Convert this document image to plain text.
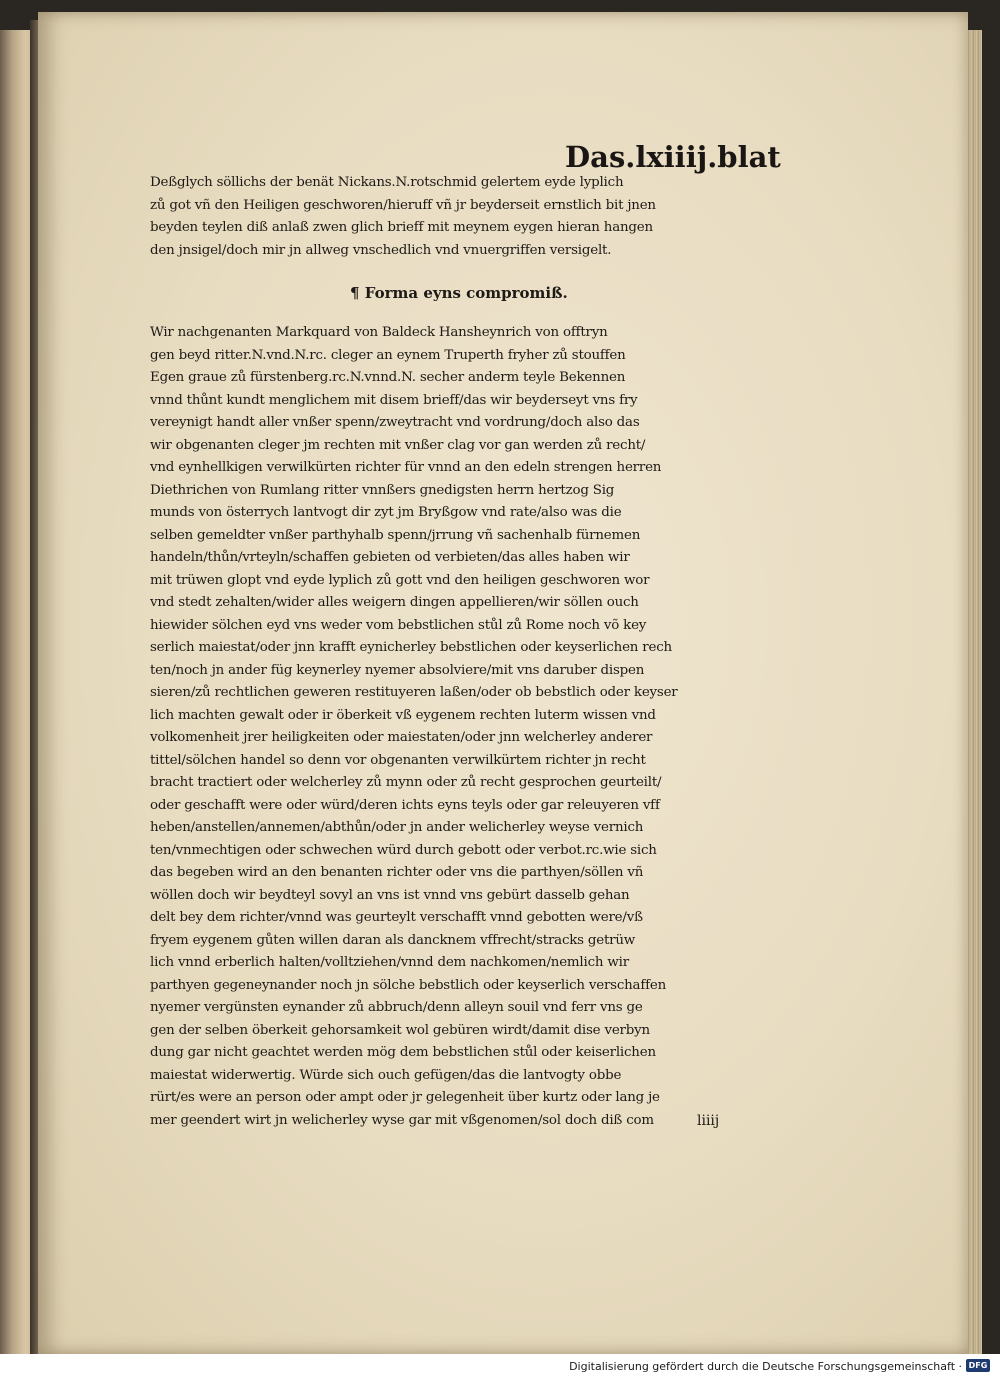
Das.lxiiij.blat
Deßglych söllichs der benät Nickans.N.rotschmid gelertem eyde lyplich
zů got vñ den Heiligen geschworen/hieruff vñ jr beyderseit ernstlich bit jnen
beyden teylen diß anlaß zwen glich brieff mit meynem eygen hieran hangen
den jnsigel/doch mir jn allweg vnschedlich vnd vnuergriffen versigelt.
¶ Forma eyns compromiß.
Wir nachgenanten Markquard von Baldeck Hansheynrich von offtryn
gen beyd ritter.N.vnd.N.rc. cleger an eynem Truperth fryher zů stouffen
Egen graue zů fürstenberg.rc.N.vnnd.N. secher anderm teyle Bekennen
vnnd thůnt kundt menglichem mit disem brieff/das wir beyderseyt vns fry
vereynigt handt aller vnßer spenn/zweytracht vnd vordrung/doch also das
wir obgenanten cleger jm rechten mit vnßer clag vor gan werden zů recht/
vnd eynhellkigen verwilkürten richter für vnnd an den edeln strengen herren
Diethrichen von Rumlang ritter vnnßers gnedigsten herrn hertzog Sig
munds von österrych lantvogt dir zyt jm Bryßgow vnd rate/also was die
selben gemeldter vnßer parthyhalb spenn/jrrung vñ sachenhalb fürnemen
handeln/thůn/vrteyln/schaffen gebieten od verbieten/das alles haben wir
mit trüwen glopt vnd eyde lyplich zů gott vnd den heiligen geschworen wor
vnd stedt zehalten/wider alles weigern dingen appellieren/wir söllen ouch
hiewider sölchen eyd vns weder vom bebstlichen stůl zů Rome noch võ key
serlich maiestat/oder jnn krafft eynicherley bebstlichen oder keyserlichen rech
ten/noch jn ander füg keynerley nyemer absolviere/mit vns daruber dispen
sieren/zů rechtlichen geweren restituyeren laßen/oder ob bebstlich oder keyser
lich machten gewalt oder ir öberkeit vß eygenem rechten luterm wissen vnd
volkomenheit jrer heiligkeiten oder maiestaten/oder jnn welcherley anderer
tittel/sölchen handel so denn vor obgenanten verwilkürtem richter jn recht
bracht tractiert oder welcherley zů mynn oder zů recht gesprochen geurteilt/
oder geschafft were oder würd/deren ichts eyns teyls oder gar releuyeren vff
heben/anstellen/annemen/abthůn/oder jn ander welicherley weyse vernich
ten/vnmechtigen oder schwechen würd durch gebott oder verbot.rc.wie sich
das begeben wird an den benanten richter oder vns die parthyen/söllen vñ
wöllen doch wir beydteyl sovyl an vns ist vnnd vns gebürt dasselb gehan
delt bey dem richter/vnnd was geurteylt verschafft vnnd gebotten were/vß
fryem eygenem gůten willen daran als dancknem vffrecht/stracks getrüw
lich vnnd erberlich halten/volltziehen/vnnd dem nachkomen/nemlich wir
parthyen gegeneynander noch jn sölche bebstlich oder keyserlich verschaffen
nyemer vergünsten eynander zů abbruch/denn alleyn souil vnd ferr vns ge
gen der selben öberkeit gehorsamkeit wol gebüren wirdt/damit dise verbyn
dung gar nicht geachtet werden mög dem bebstlichen stůl oder keiserlichen
maiestat widerwertig. Würde sich ouch gefügen/das die lantvogty obbe
rürt/es were an person oder ampt oder jr gelegenheit über kurtz oder lang je
mer geendert wirt jn welicherley wyse gar mit vßgenomen/sol doch diß com	liiij
Digitalisierung gefördert durch die Deutsche Forschungsgemeinschaft · DFG
